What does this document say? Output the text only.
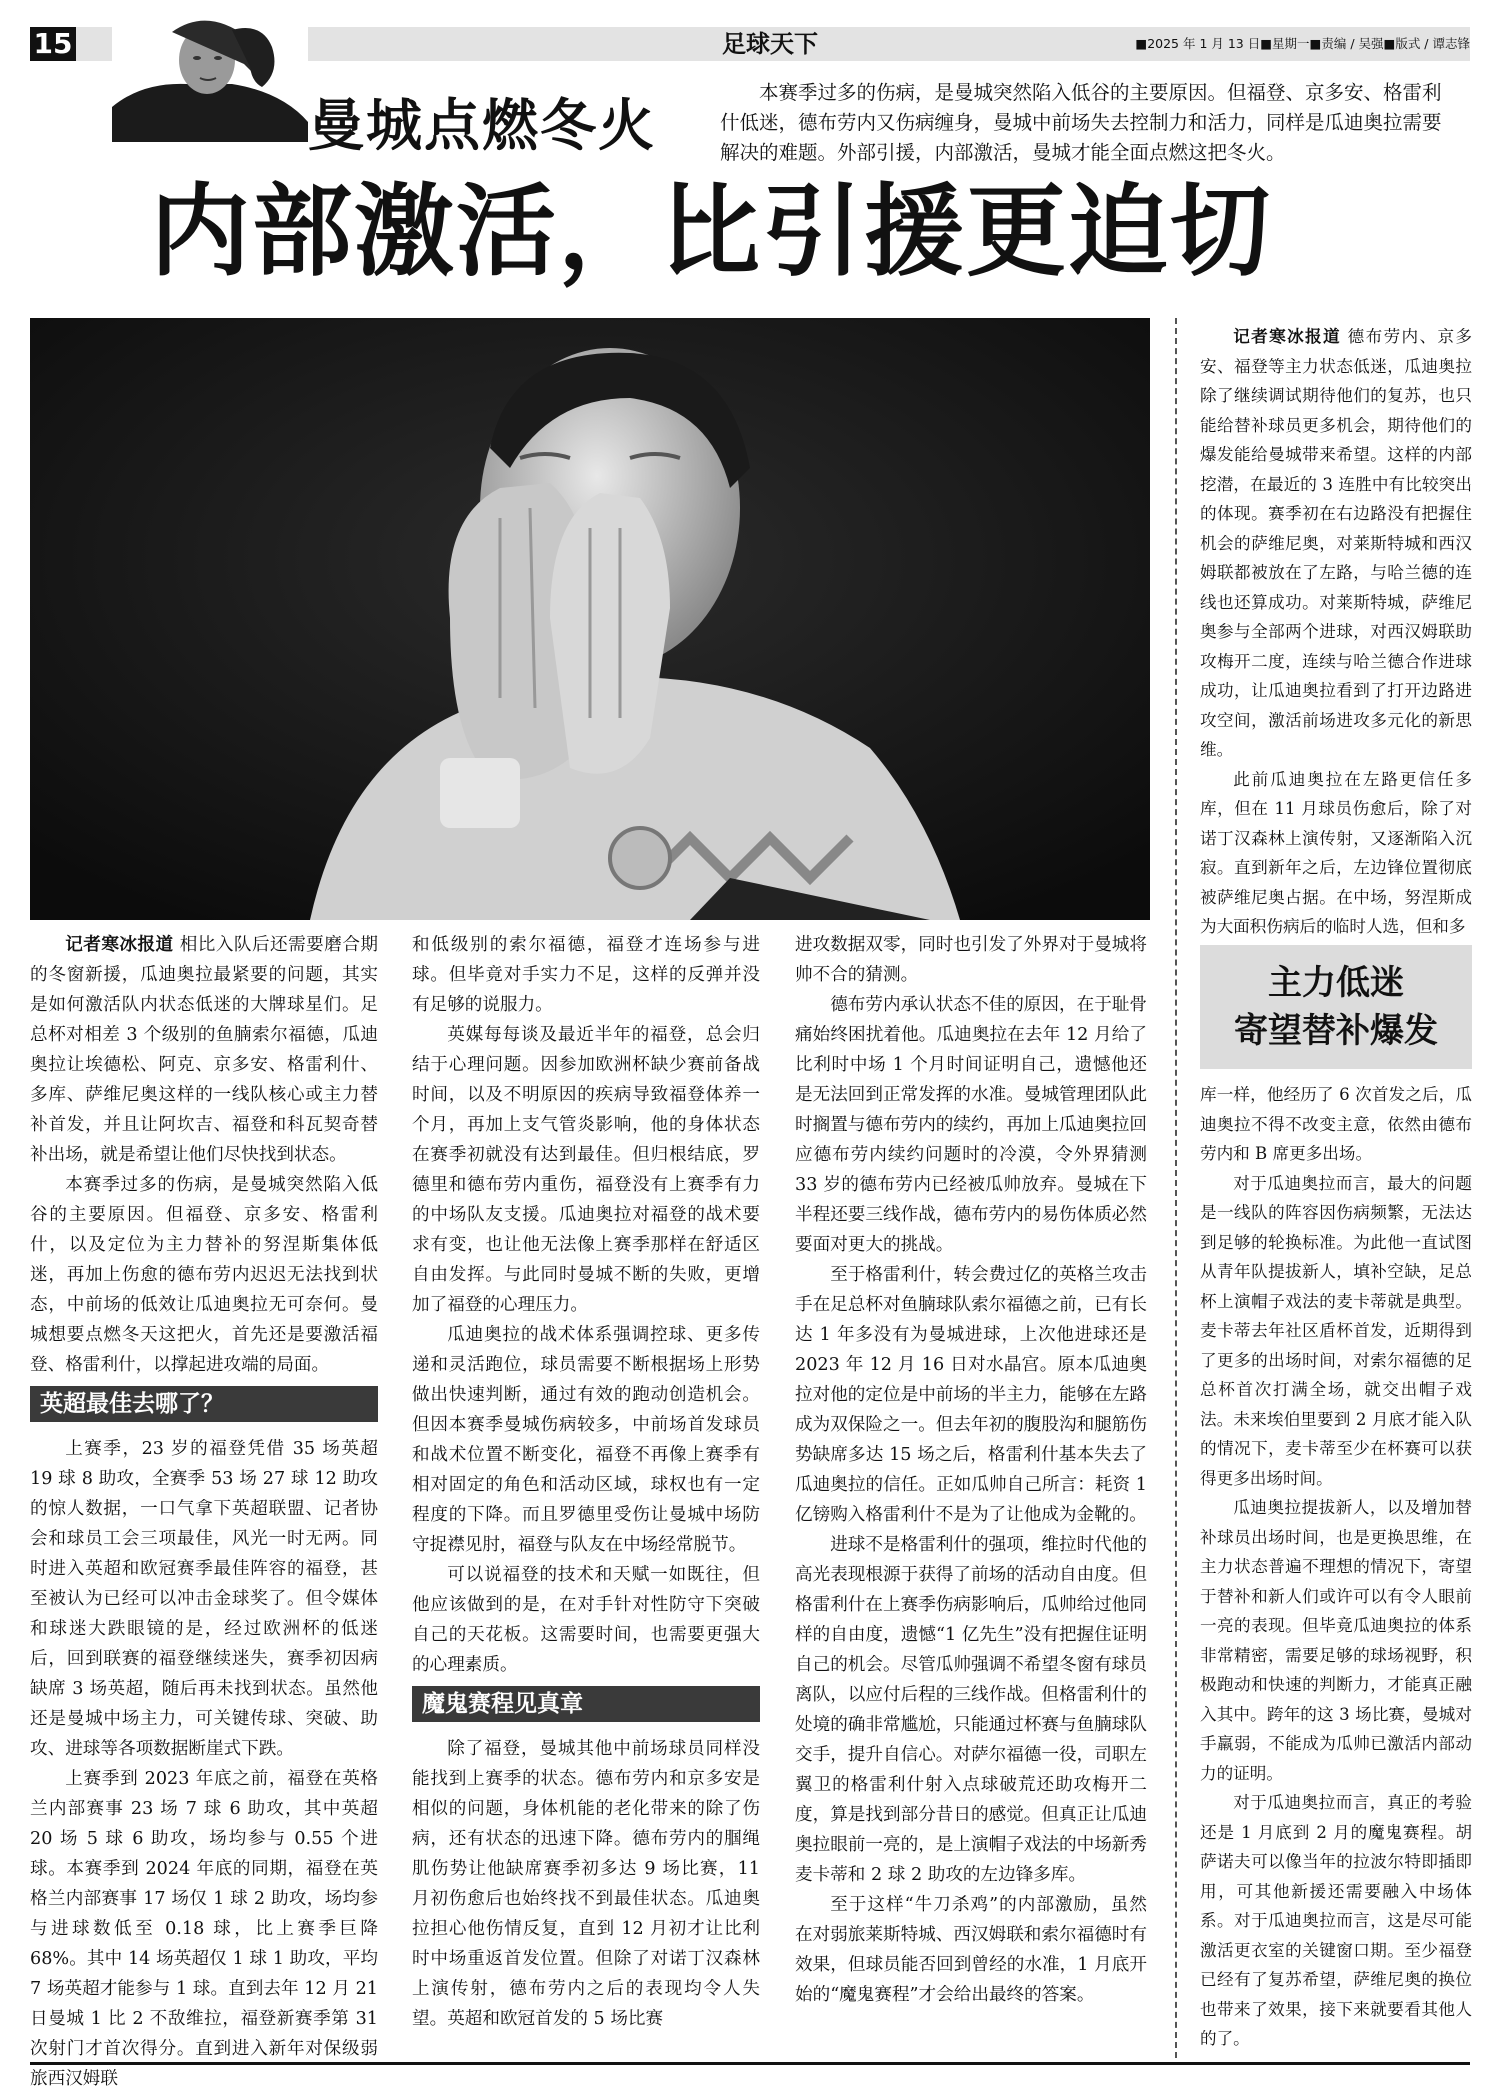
15	足球天下	■2025 年 1 月 13 日■星期一■责编 / 吴强■版式 / 谭志锋
曼城点燃冬火
本赛季过多的伤病，是曼城突然陷入低谷的主要原因。但福登、京多安、格雷利什低迷，德布劳内又伤病缠身，曼城中前场失去控制力和活力，同样是瓜迪奥拉需要解决的难题。外部引援，内部激活，曼城才能全面点燃这把冬火。
内部激活，比引援更迫切

记者寒冰报道 相比入队后还需要磨合期的冬窗新援，瓜迪奥拉最紧要的问题，其实是如何激活队内状态低迷的大牌球星们。足总杯对相差 3 个级别的鱼腩索尔福德，瓜迪奥拉让埃德松、阿克、京多安、格雷利什、多库、萨维尼奥这样的一线队核心或主力替补首发，并且让阿坎吉、福登和科瓦契奇替补出场，就是希望让他们尽快找到状态。

本赛季过多的伤病，是曼城突然陷入低谷的主要原因。但福登、京多安、格雷利什，以及定位为主力替补的努涅斯集体低迷，再加上伤愈的德布劳内迟迟无法找到状态，中前场的低效让瓜迪奥拉无可奈何。曼城想要点燃冬天这把火，首先还是要激活福登、格雷利什，以撑起进攻端的局面。

英超最佳去哪了？

上赛季，23 岁的福登凭借 35 场英超 19 球 8 助攻，全赛季 53 场 27 球 12 助攻的惊人数据，一口气拿下英超联盟、记者协会和球员工会三项最佳，风光一时无两。同时进入英超和欧冠赛季最佳阵容的福登，甚至被认为已经可以冲击金球奖了。但令媒体和球迷大跌眼镜的是，经过欧洲杯的低迷后，回到联赛的福登继续迷失，赛季初因病缺席 3 场英超，随后再未找到状态。虽然他还是曼城中场主力，可关键传球、突破、助攻、进球等各项数据断崖式下跌。

上赛季到 2023 年底之前，福登在英格兰内部赛事 23 场 7 球 6 助攻，其中英超 20 场 5 球 6 助攻，场均参与 0.55 个进球。本赛季到 2024 年底的同期，福登在英格兰内部赛事 17 场仅 1 球 2 助攻，场均参与进球数低至 0.18 球，比上赛季巨降 68%。其中 14 场英超仅 1 球 1 助攻，平均 7 场英超才能参与 1 球。直到去年 12 月 21 日曼城 1 比 2 不敌维拉，福登新赛季第 31 次射门才首次得分。直到进入新年对保级弱旅西汉姆联

和低级别的索尔福德，福登才连场参与进球。但毕竟对手实力不足，这样的反弹并没有足够的说服力。

英媒每每谈及最近半年的福登，总会归结于心理问题。因参加欧洲杯缺少赛前备战时间，以及不明原因的疾病导致福登体养一个月，再加上支气管炎影响，他的身体状态在赛季初就没有达到最佳。但归根结底，罗德里和德布劳内重伤，福登没有上赛季有力的中场队友支援。瓜迪奥拉对福登的战术要求有变，也让他无法像上赛季那样在舒适区自由发挥。与此同时曼城不断的失败，更增加了福登的心理压力。

瓜迪奥拉的战术体系强调控球、更多传递和灵活跑位，球员需要不断根据场上形势做出快速判断，通过有效的跑动创造机会。但因本赛季曼城伤病较多，中前场首发球员和战术位置不断变化，福登不再像上赛季有相对固定的角色和活动区域，球权也有一定程度的下降。而且罗德里受伤让曼城中场防守捉襟见肘，福登与队友在中场经常脱节。

可以说福登的技术和天赋一如既往，但他应该做到的是，在对手针对性防守下突破自己的天花板。这需要时间，也需要更强大的心理素质。

魔鬼赛程见真章

除了福登，曼城其他中前场球员同样没能找到上赛季的状态。德布劳内和京多安是相似的问题，身体机能的老化带来的除了伤病，还有状态的迅速下降。德布劳内的腘绳肌伤势让他缺席赛季初多达 9 场比赛，11 月初伤愈后也始终找不到最佳状态。瓜迪奥拉担心他伤情反复，直到 12 月初才让比利时中场重返首发位置。但除了对诺丁汉森林上演传射，德布劳内之后的表现均令人失望。英超和欧冠首发的 5 场比赛

进攻数据双零，同时也引发了外界对于曼城将帅不合的猜测。

德布劳内承认状态不佳的原因，在于耻骨痛始终困扰着他。瓜迪奥拉在去年 12 月给了比利时中场 1 个月时间证明自己，遗憾他还是无法回到正常发挥的水准。曼城管理团队此时搁置与德布劳内的续约，再加上瓜迪奥拉回应德布劳内续约问题时的冷漠，令外界猜测 33 岁的德布劳内已经被瓜帅放弃。曼城在下半程还要三线作战，德布劳内的易伤体质必然要面对更大的挑战。

至于格雷利什，转会费过亿的英格兰攻击手在足总杯对鱼腩球队索尔福德之前，已有长达 1 年多没有为曼城进球，上次他进球还是 2023 年 12 月 16 日对水晶宫。原本瓜迪奥拉对他的定位是中前场的半主力，能够在左路成为双保险之一。但去年初的腹股沟和腿筋伤势缺席多达 15 场之后，格雷利什基本失去了瓜迪奥拉的信任。正如瓜帅自己所言：耗资 1 亿镑购入格雷利什不是为了让他成为金靴的。

进球不是格雷利什的强项，维拉时代他的高光表现根源于获得了前场的活动自由度。但格雷利什在上赛季伤病影响后，瓜帅给过他同样的自由度，遗憾“1 亿先生”没有把握住证明自己的机会。尽管瓜帅强调不希望冬窗有球员离队，以应付后程的三线作战。但格雷利什的处境的确非常尴尬，只能通过杯赛与鱼腩球队交手，提升自信心。对萨尔福德一役，司职左翼卫的格雷利什射入点球破荒还助攻梅开二度，算是找到部分昔日的感觉。但真正让瓜迪奥拉眼前一亮的，是上演帽子戏法的中场新秀麦卡蒂和 2 球 2 助攻的左边锋多库。

至于这样“牛刀杀鸡”的内部激励，虽然在对弱旅莱斯特城、西汉姆联和索尔福德时有效果，但球员能否回到曾经的水准，1 月底开始的“魔鬼赛程”才会给出最终的答案。

记者寒冰报道 德布劳内、京多安、福登等主力状态低迷，瓜迪奥拉除了继续调试期待他们的复苏，也只能给替补球员更多机会，期待他们的爆发能给曼城带来希望。这样的内部挖潜，在最近的 3 连胜中有比较突出的体现。赛季初在右边路没有把握住机会的萨维尼奥，对莱斯特城和西汉姆联都被放在了左路，与哈兰德的连线也还算成功。对莱斯特城，萨维尼奥参与全部两个进球，对西汉姆联助攻梅开二度，连续与哈兰德合作进球成功，让瓜迪奥拉看到了打开边路进攻空间，激活前场进攻多元化的新思维。

此前瓜迪奥拉在左路更信任多库，但在 11 月球员伤愈后，除了对诺丁汉森林上演传射，又逐渐陷入沉寂。直到新年之后，左边锋位置彻底被萨维尼奥占据。在中场，努涅斯成为大面积伤病后的临时人选，但和多

主力低迷
寄望替补爆发

库一样，他经历了 6 次首发之后，瓜迪奥拉不得不改变主意，依然由德布劳内和 B 席更多出场。

对于瓜迪奥拉而言，最大的问题是一线队的阵容因伤病频繁，无法达到足够的轮换标准。为此他一直试图从青年队提拔新人，填补空缺，足总杯上演帽子戏法的麦卡蒂就是典型。麦卡蒂去年社区盾杯首发，近期得到了更多的出场时间，对索尔福德的足总杯首次打满全场，就交出帽子戏法。未来埃伯里要到 2 月底才能入队的情况下，麦卡蒂至少在杯赛可以获得更多出场时间。

瓜迪奥拉提拔新人，以及增加替补球员出场时间，也是更换思维，在主力状态普遍不理想的情况下，寄望于替补和新人们或许可以有令人眼前一亮的表现。但毕竟瓜迪奥拉的体系非常精密，需要足够的球场视野，积极跑动和快速的判断力，才能真正融入其中。跨年的这 3 场比赛，曼城对手羸弱，不能成为瓜帅已激活内部动力的证明。

对于瓜迪奥拉而言，真正的考验还是 1 月底到 2 月的魔鬼赛程。胡萨诺夫可以像当年的拉波尔特即插即用，可其他新援还需要融入中场体系。对于瓜迪奥拉而言，这是尽可能激活更衣室的关键窗口期。至少福登已经有了复苏希望，萨维尼奥的换位也带来了效果，接下来就要看其他人的了。
